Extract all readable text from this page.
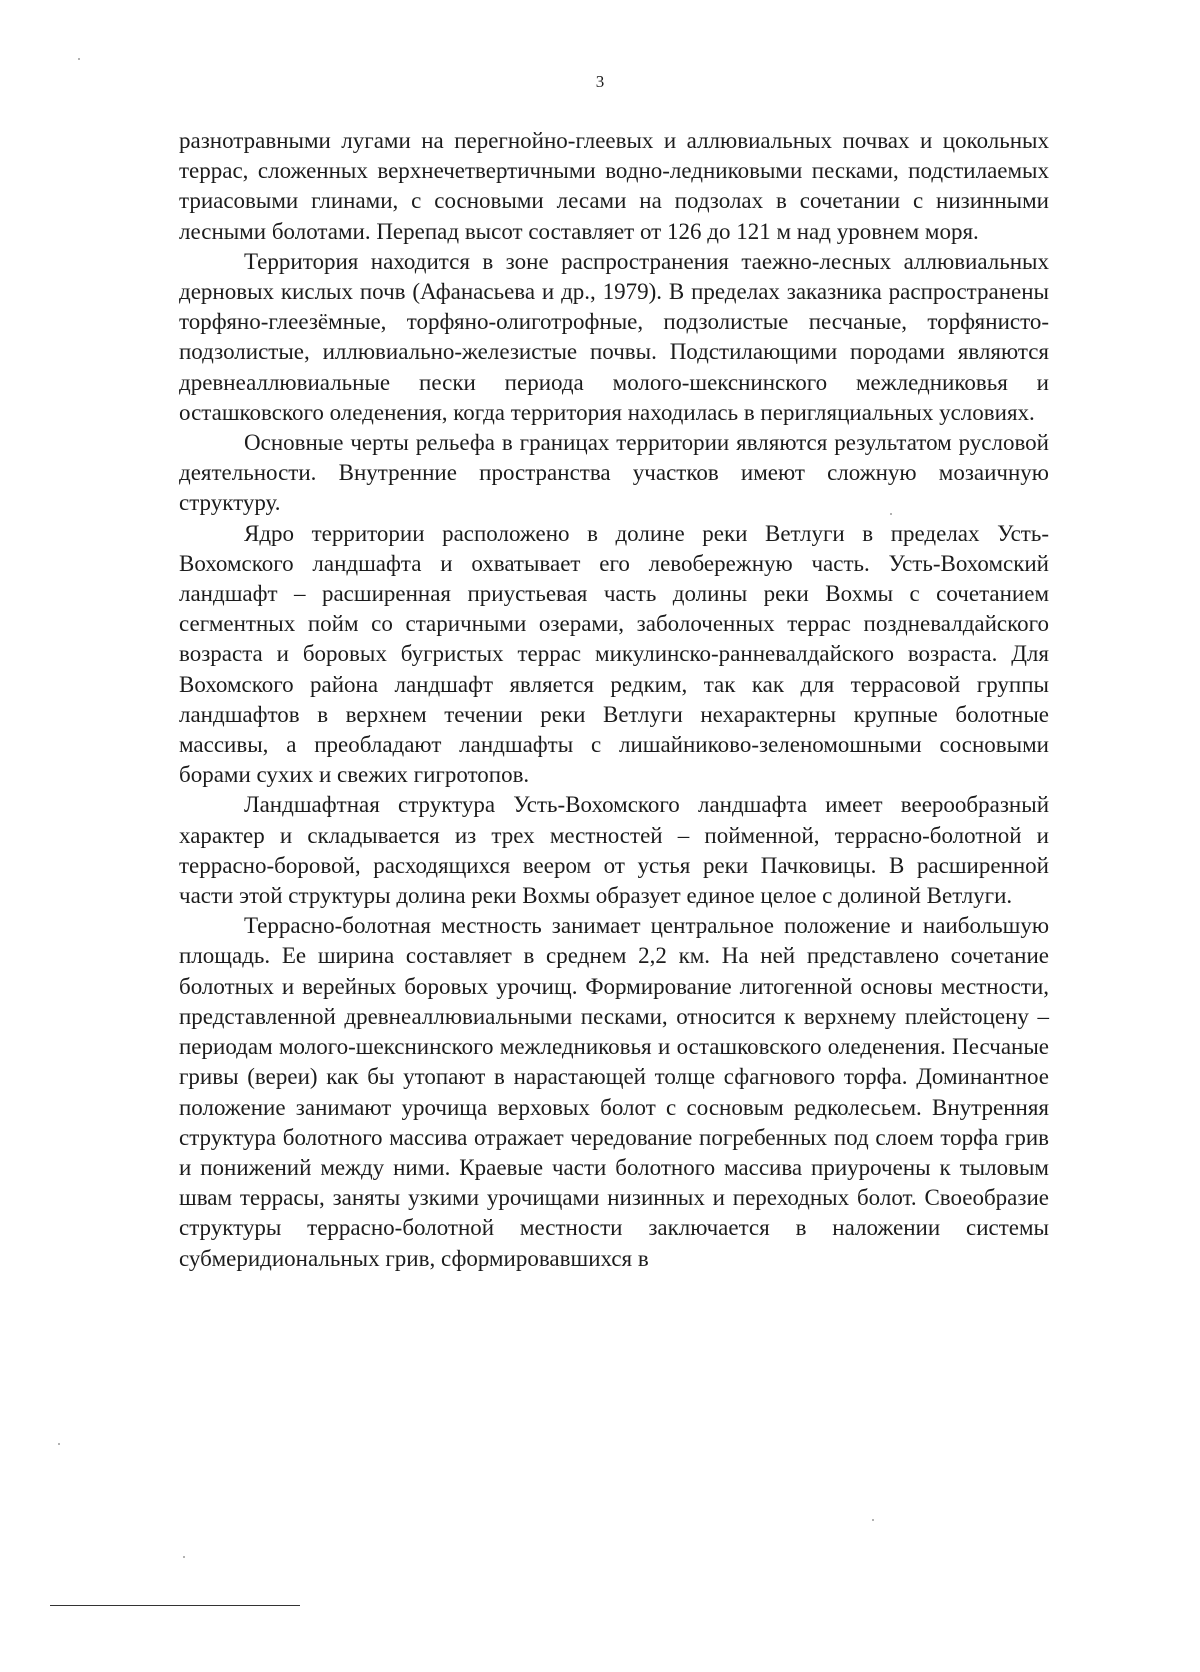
3

разнотравными лугами на перегнойно-глеевых и аллювиальных почвах и цокольных террас, сложенных верхнечетвертичными водно-ледниковыми песками, подстилаемых триасовыми глинами, с сосновыми лесами на подзолах в сочетании с низинными лесными болотами. Перепад высот составляет от 126 до 121 м над уровнем моря.

Территория находится в зоне распространения таежно-лесных аллювиальных дерновых кислых почв (Афанасьева и др., 1979). В пределах заказника распространены торфяно-глеезёмные, торфяно-олиготрофные, подзолистые песчаные, торфянисто-подзолистые, иллювиально-железистые почвы. Подстилающими породами являются древнеаллювиальные пески периода молого-шекснинского межледниковья и осташковского оледенения, когда территория находилась в перигляциальных условиях.

Основные черты рельефа в границах территории являются результатом русловой деятельности. Внутренние пространства участков имеют сложную мозаичную структуру.

Ядро территории расположено в долине реки Ветлуги в пределах Усть-Вохомского ландшафта и охватывает его левобережную часть. Усть-Вохомский ландшафт – расширенная приустьевая часть долины реки Вохмы с сочетанием сегментных пойм со старичными озерами, заболоченных террас поздневалдайского возраста и боровых бугристых террас микулинско-ранневалдайского возраста. Для Вохомского района ландшафт является редким, так как для террасовой группы ландшафтов в верхнем течении реки Ветлуги нехарактерны крупные болотные массивы, а преобладают ландшафты с лишайниково-зеленомошными сосновыми борами сухих и свежих гигротопов.

Ландшафтная структура Усть-Вохомского ландшафта имеет веерообразный характер и складывается из трех местностей – пойменной, террасно-болотной и террасно-боровой, расходящихся веером от устья реки Пачковицы. В расширенной части этой структуры долина реки Вохмы образует единое целое с долиной Ветлуги.

Террасно-болотная местность занимает центральное положение и наибольшую площадь. Ее ширина составляет в среднем 2,2 км. На ней представлено сочетание болотных и верейных боровых урочищ. Формирование литогенной основы местности, представленной древнеаллювиальными песками, относится к верхнему плейстоцену – периодам молого-шекснинского межледниковья и осташковского оледенения. Песчаные гривы (вереи) как бы утопают в нарастающей толще сфагнового торфа. Доминантное положение занимают урочища верховых болот с сосновым редколесьем. Внутренняя структура болотного массива отражает чередование погребенных под слоем торфа грив и понижений между ними. Краевые части болотного массива приурочены к тыловым швам террасы, заняты узкими урочищами низинных и переходных болот. Своеобразие структуры террасно-болотной местности заключается в наложении системы субмеридиональных грив, сформировавшихся в
